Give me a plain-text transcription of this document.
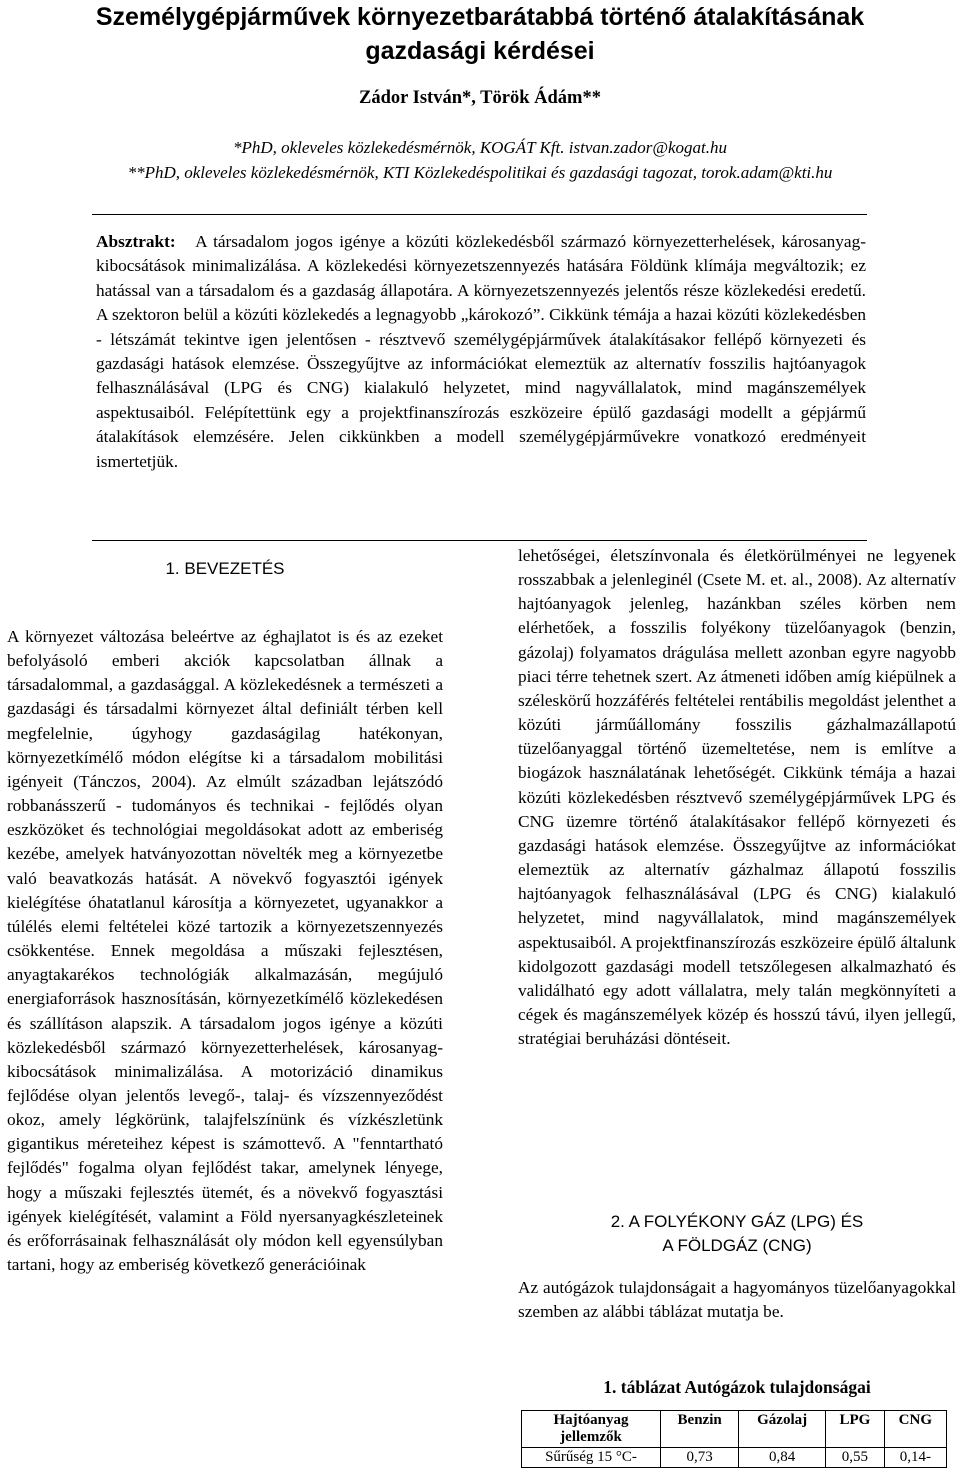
Személygépjárművek környezetbarátabbá történő átalakításának gazdasági kérdései
Zádor István*, Török Ádám**
*PhD, okleveles közlekedésmérnök, KOGÁT Kft. istvan.zador@kogat.hu
**PhD, okleveles közlekedésmérnök, KTI Közlekedéspolitikai és gazdasági tagozat, torok.adam@kti.hu

Absztrakt: A társadalom jogos igénye a közúti közlekedésből származó környezetterhelések, károsanyag-kibocsátások minimalizálása. A közlekedési környezetszennyezés hatására Földünk klímája megváltozik; ez hatással van a társadalom és a gazdaság állapotára. A környezetszennyezés jelentős része közlekedési eredetű. A szektoron belül a közúti közlekedés a legnagyobb „károkozó”. Cikkünk témája a hazai közúti közlekedésben - létszámát tekintve igen jelentősen - résztvevő személygépjárművek átalakításakor fellépő környezeti és gazdasági hatások elemzése. Összegyűjtve az információkat elemeztük az alternatív fosszilis hajtóanyagok felhasználásával (LPG és CNG) kialakuló helyzetet, mind nagyvállalatok, mind magánszemélyek aspektusaiból. Felépítettünk egy a projektfinanszírozás eszközeire épülő gazdasági modellt a gépjármű átalakítások elemzésére. Jelen cikkünkben a modell személygépjárművekre vonatkozó eredményeit ismertetjük.

1. BEVEZETÉS

A környezet változása beleértve az éghajlatot is és az ezeket befolyásoló emberi akciók kapcsolatban állnak a társadalommal, a gazdasággal. A közlekedésnek a természeti a gazdasági és társadalmi környezet által definiált térben kell megfelelnie, úgyhogy gazdaságilag hatékonyan, környezetkímélő módon elégítse ki a társadalom mobilitási igényeit (Tánczos, 2004). Az elmúlt században lejátszódó robbanásszerű - tudományos és technikai - fejlődés olyan eszközöket és technológiai megoldásokat adott az emberiség kezébe, amelyek hatványozottan növelték meg a környezetbe való beavatkozás hatását. A növekvő fogyasztói igények kielégítése óhatatlanul károsítja a környezetet, ugyanakkor a túlélés elemi feltételei közé tartozik a környezetszennyezés csökkentése. Ennek megoldása a műszaki fejlesztésen, anyagtakarékos technológiák alkalmazásán, megújuló energiaforrások hasznosításán, környezetkímélő közlekedésen és szállításon alapszik. A társadalom jogos igénye a közúti közlekedésből származó környezetterhelések, károsanyag-kibocsátások minimalizálása. A motorizáció dinamikus fejlődése olyan jelentős levegő-, talaj- és vízszennyeződést okoz, amely légkörünk, talajfelszínünk és vízkészletünk gigantikus méreteihez képest is számottevő. A "fenntartható fejlődés" fogalma olyan fejlődést takar, amelynek lényege, hogy a műszaki fejlesztés ütemét, és a növekvő fogyasztási igények kielégítését, valamint a Föld nyersanyagkészleteinek és erőforrásainak felhasználását oly módon kell egyensúlyban tartani, hogy az emberiség következő generációinak

lehetőségei, életszínvonala és életkörülményei ne legyenek rosszabbak a jelenleginél (Csete M. et. al., 2008). Az alternatív hajtóanyagok jelenleg, hazánkban széles körben nem elérhetőek, a fosszilis folyékony tüzelőanyagok (benzin, gázolaj) folyamatos drágulása mellett azonban egyre nagyobb piaci térre tehetnek szert. Az átmeneti időben amíg kiépülnek a széleskörű hozzáférés feltételei rentábilis megoldást jelenthet a közúti járműállomány fosszilis gázhalmazállapotú tüzelőanyaggal történő üzemeltetése, nem is említve a biogázok használatának lehetőségét. Cikkünk témája a hazai közúti közlekedésben résztvevő személygépjárművek LPG és CNG üzemre történő átalakításakor fellépő környezeti és gazdasági hatások elemzése. Összegyűjtve az információkat elemeztük az alternatív gázhalmaz állapotú fosszilis hajtóanyagok felhasználásával (LPG és CNG) kialakuló helyzetet, mind nagyvállalatok, mind magánszemélyek aspektusaiból. A projektfinanszírozás eszközeire épülő általunk kidolgozott gazdasági modell tetszőlegesen alkalmazható és validálható egy adott vállalatra, mely talán megkönnyíteti a cégek és magánszemélyek közép és hosszú távú, ilyen jellegű, stratégiai beruházási döntéseit.

2. A FOLYÉKONY GÁZ (LPG) ÉS
A FÖLDGÁZ (CNG)

Az autógázok tulajdonságait a hagyományos tüzelőanyagokkal szemben az alábbi táblázat mutatja be.

1. táblázat Autógázok tulajdonságai
Hajtóanyag jellemzők	Benzin	Gázolaj	LPG	CNG
Sűrűség 15 °C-	0,73	0,84	0,55	0,14-
